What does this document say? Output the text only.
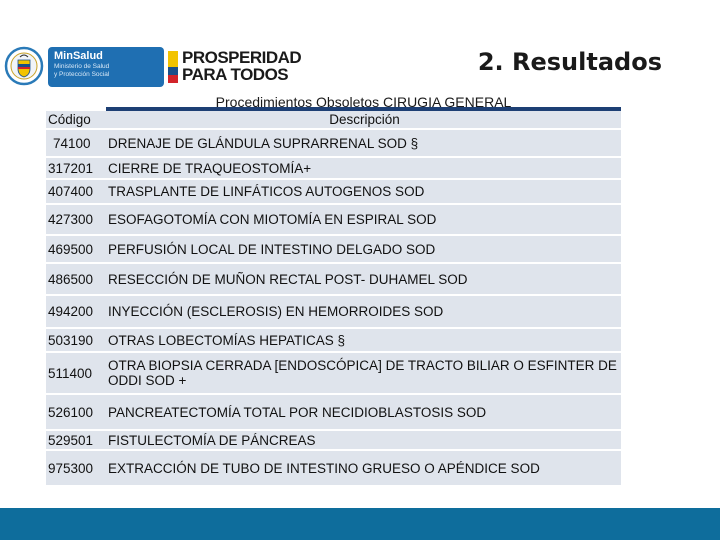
MinSalud
Ministerio de Salud
y Protección Social
PROSPERIDAD
PARA TODOS	2. Resultados
Procedimientos Obsoletos CIRUGIA GENERAL
Código	Descripción
74100	DRENAJE DE GLÁNDULA SUPRARRENAL SOD §
317201	CIERRE DE TRAQUEOSTOMÍA+
407400	TRASPLANTE DE LINFÁTICOS AUTOGENOS SOD
427300	ESOFAGOTOMÍA CON MIOTOMÍA EN ESPIRAL SOD
469500	PERFUSIÓN LOCAL DE INTESTINO DELGADO SOD
486500	RESECCIÓN DE MUÑON RECTAL POST- DUHAMEL SOD
494200	INYECCIÓN (ESCLEROSIS) EN HEMORROIDES SOD
503190	OTRAS LOBECTOMÍAS HEPATICAS §
511400	OTRA BIOPSIA CERRADA [ENDOSCÓPICA] DE TRACTO BILIAR O ESFINTER DE ODDI SOD +
526100	PANCREATECTOMÍA TOTAL POR NECIDIOBLASTOSIS SOD
529501	FISTULECTOMÍA DE PÁNCREAS
975300	EXTRACCIÓN DE TUBO DE INTESTINO GRUESO O APÉNDICE SOD
